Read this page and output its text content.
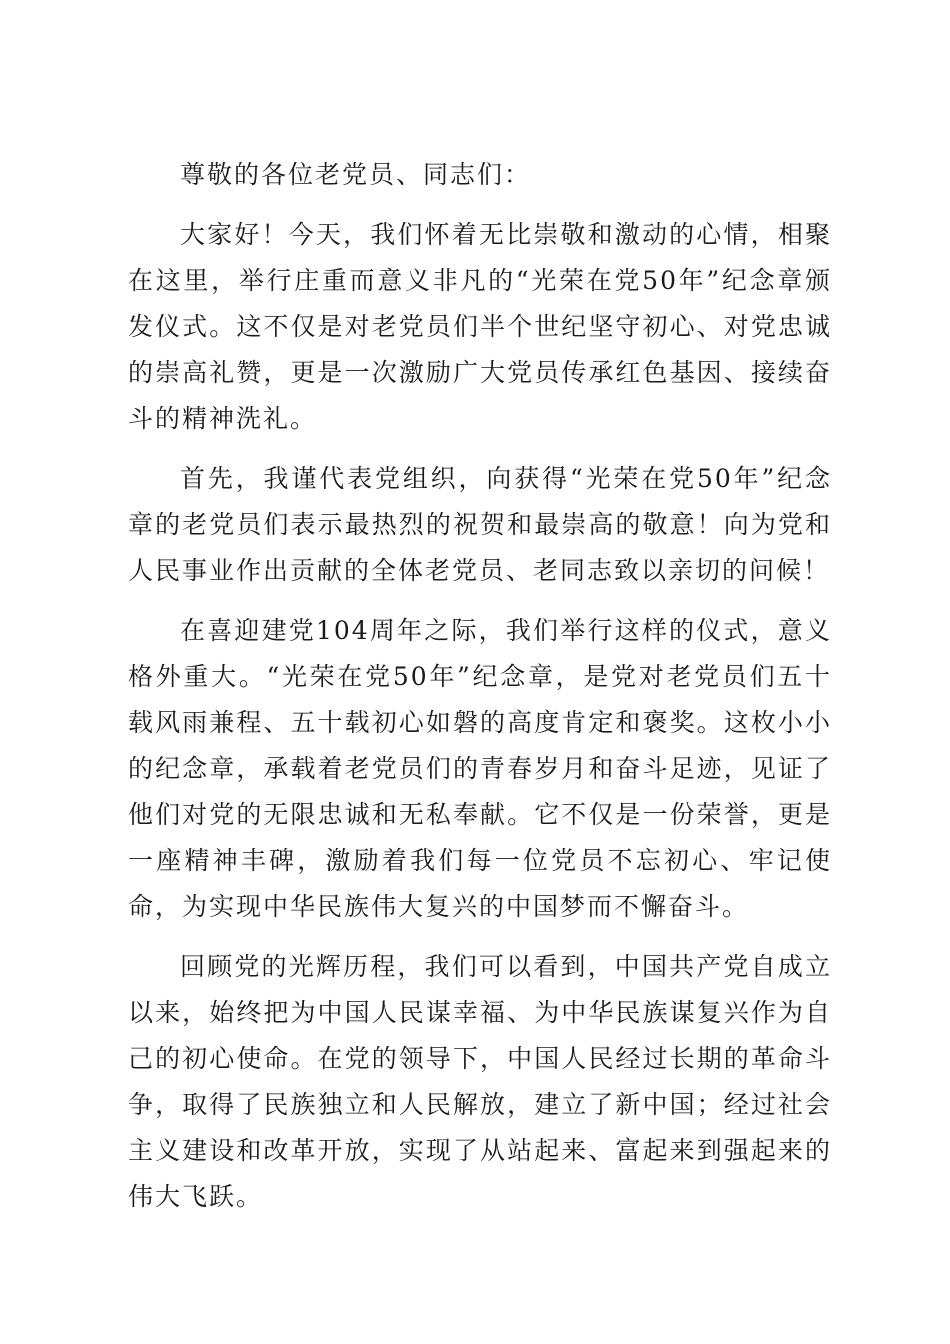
尊敬的各位老党员、同志们：

大家好！今天，我们怀着无比崇敬和激动的心情，相聚在这里，举行庄重而意义非凡的“光荣在党50年”纪念章颁发仪式。这不仅是对老党员们半个世纪坚守初心、对党忠诚的崇高礼赞，更是一次激励广大党员传承红色基因、接续奋斗的精神洗礼。

首先，我谨代表党组织，向获得“光荣在党50年”纪念章的老党员们表示最热烈的祝贺和最崇高的敬意！向为党和人民事业作出贡献的全体老党员、老同志致以亲切的问候！

在喜迎建党104周年之际，我们举行这样的仪式，意义格外重大。“光荣在党50年”纪念章，是党对老党员们五十载风雨兼程、五十载初心如磐的高度肯定和褒奖。这枚小小的纪念章，承载着老党员们的青春岁月和奋斗足迹，见证了他们对党的无限忠诚和无私奉献。它不仅是一份荣誉，更是一座精神丰碑，激励着我们每一位党员不忘初心、牢记使命，为实现中华民族伟大复兴的中国梦而不懈奋斗。

回顾党的光辉历程，我们可以看到，中国共产党自成立以来，始终把为中国人民谋幸福、为中华民族谋复兴作为自己的初心使命。在党的领导下，中国人民经过长期的革命斗争，取得了民族独立和人民解放，建立了新中国；经过社会主义建设和改革开放，实现了从站起来、富起来到强起来的伟大飞跃。
